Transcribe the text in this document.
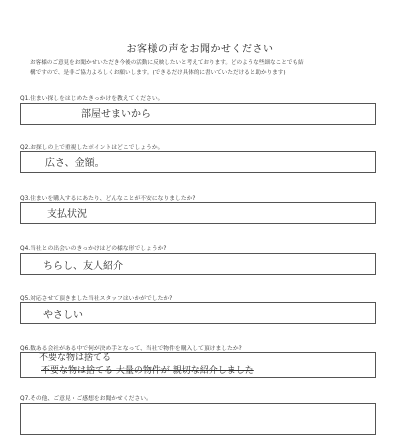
お客様の声をお聞かせください
お客様のご意見をお聞かせいただき今後の活動に反映したいと考えております。どのような些細なことでも結
構ですので、是非ご協力よろしくお願いします。(できるだけ具体的に書いていただけると助かります)
Q1.住まい探しをはじめたきっかけを教えてください。
部屋せまいから
Q2.お探しの上で重視したポイントはどこでしょうか。
広さ、金額。
Q3.住まいを購入するにあたり、どんなことが不安になりましたか?
支払状況
Q4.当社との出会いのきっかけはどの様な形でしょうか?
ちらし、友人紹介
Q5.対応させて頂きました当社スタッフはいかがでしたか?
やさしい
Q6.数ある会社がある中で何が決め手となって、当社で物件を購入して頂けましたか?
不要な物は捨てる
不要な物は捨てる 大量の物件が 親切な紹介しました
Q7.その他、ご意見・ご感想をお聞かせください。
